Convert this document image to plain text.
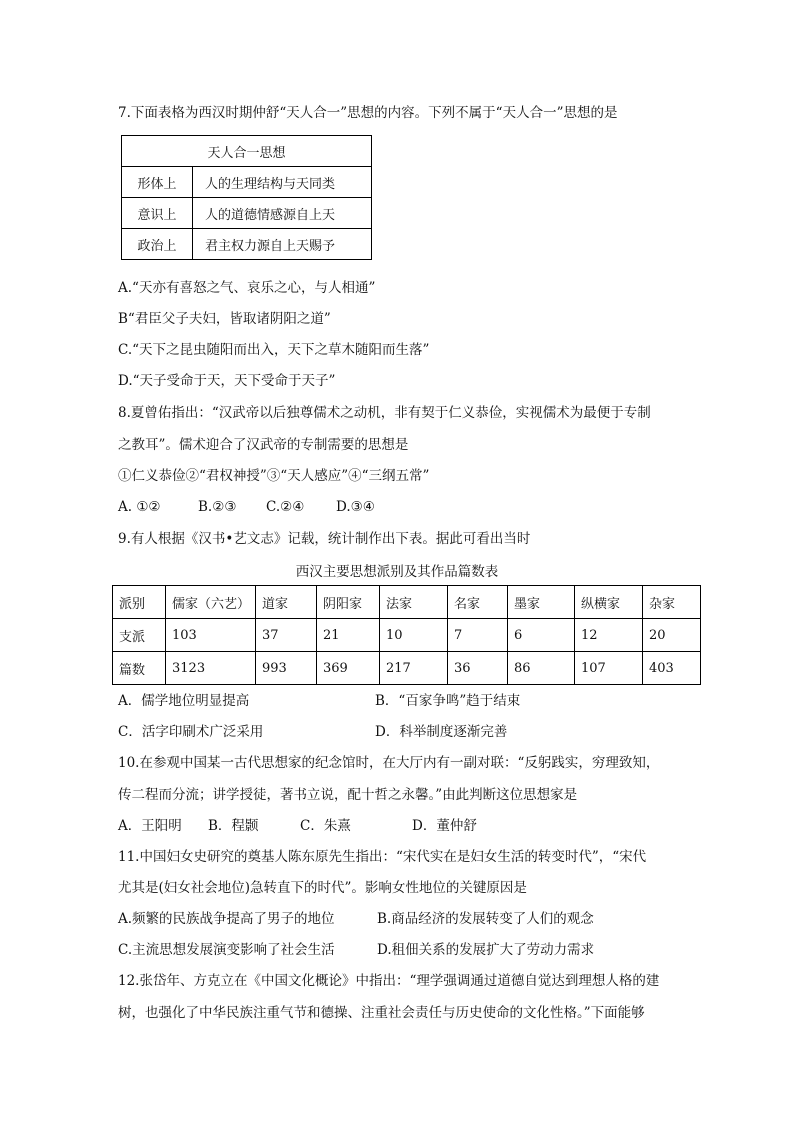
7.下面表格为西汉时期仲舒“天人合一”思想的内容。下列不属于“天人合一”思想的是
天人合一思想	
形体上	人的生理结构与天同类
意识上	人的道德情感源自上天
政治上	君主权力源自上天赐予
A.“天亦有喜怒之气、哀乐之心，与人相通”
B“君臣父子夫妇，皆取诸阴阳之道”
C.“天下之昆虫随阳而出入，天下之草木随阳而生落”
D.“天子受命于天，天下受命于天子”
8.夏曾佑指出：“汉武帝以后独尊儒术之动机，非有契于仁义恭俭，实视儒术为最便于专制
之教耳”。儒术迎合了汉武帝的专制需要的思想是
①仁义恭俭②“君权神授”③“天人感应”④“三纲五常”
A. ①②	B.②③ C.②④ D.③④
9.有人根据《汉书•艺文志》记载，统计制作出下表。据此可看出当时
西汉主要思想派别及其作品篇数表
派别	儒家（六艺）	道家	阴阳家	法家	名家	墨家	纵横家	杂家
支派	103	37	21	10	7	6	12	20
篇数	3123	993	369	217	36	86	107	403
A．儒学地位明显提高	B．“百家争鸣”趋于结束
C．活字印刷术广泛采用	D．科举制度逐渐完善
10.在参观中国某一古代思想家的纪念馆时，在大厅内有一副对联：“反躬践实，穷理致知，
传二程而分流；讲学授徒，著书立说，配十哲之永馨。”由此判断这位思想家是
A．王阳明 B．程颢	C．朱熹	D．董仲舒
11.中国妇女史研究的奠基人陈东原先生指出：“宋代实在是妇女生活的转变时代”，“宋代
尤其是(妇女社会地位)急转直下的时代”。影响女性地位的关键原因是
A.频繁的民族战争提高了男子的地位	B.商品经济的发展转变了人们的观念
C.主流思想发展演变影响了社会生活	D.租佃关系的发展扩大了劳动力需求
12.张岱年、方克立在《中国文化概论》中指出：“理学强调通过道德自觉达到理想人格的建
树，也强化了中华民族注重气节和德操、注重社会责任与历史使命的文化性格。”下面能够
